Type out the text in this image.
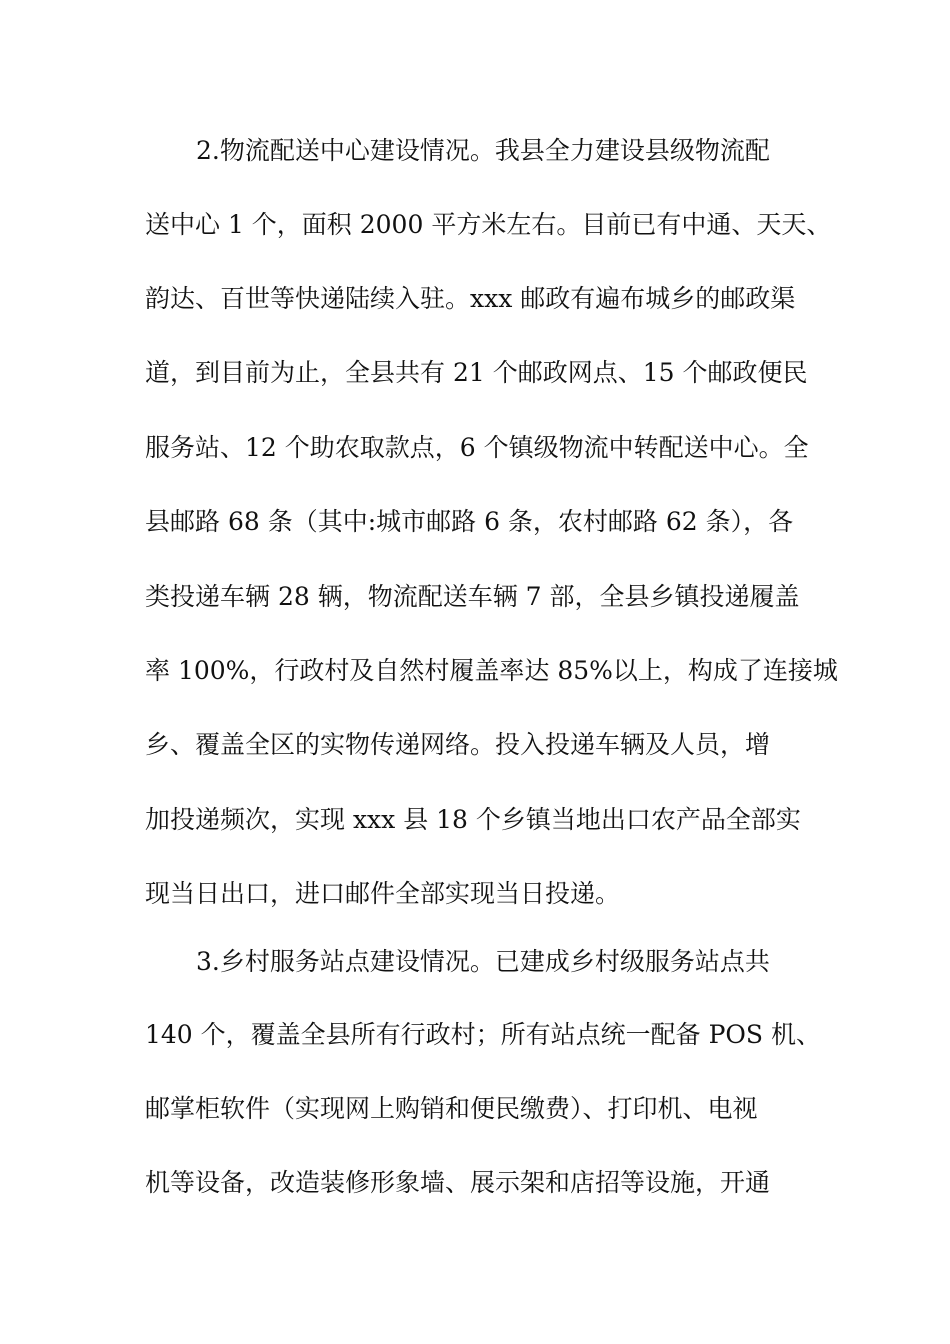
2.物流配送中心建设情况。我县全力建设县级物流配
送中心 1 个，面积 2000 平方米左右。目前已有中通、天天、
韵达、百世等快递陆续入驻。xxx 邮政有遍布城乡的邮政渠
道，到目前为止，全县共有 21 个邮政网点、15 个邮政便民
服务站、12 个助农取款点，6 个镇级物流中转配送中心。全
县邮路 68 条（其中:城市邮路 6 条，农村邮路 62 条），各
类投递车辆 28 辆，物流配送车辆 7 部，全县乡镇投递履盖
率 100%，行政村及自然村履盖率达 85%以上，构成了连接城
乡、覆盖全区的实物传递网络。投入投递车辆及人员，增
加投递频次，实现 xxx 县 18 个乡镇当地出口农产品全部实
现当日出口，进口邮件全部实现当日投递。
3.乡村服务站点建设情况。已建成乡村级服务站点共
140 个，覆盖全县所有行政村；所有站点统一配备 POS 机、
邮掌柜软件（实现网上购销和便民缴费）、打印机、电视
机等设备，改造装修形象墙、展示架和店招等设施，开通
